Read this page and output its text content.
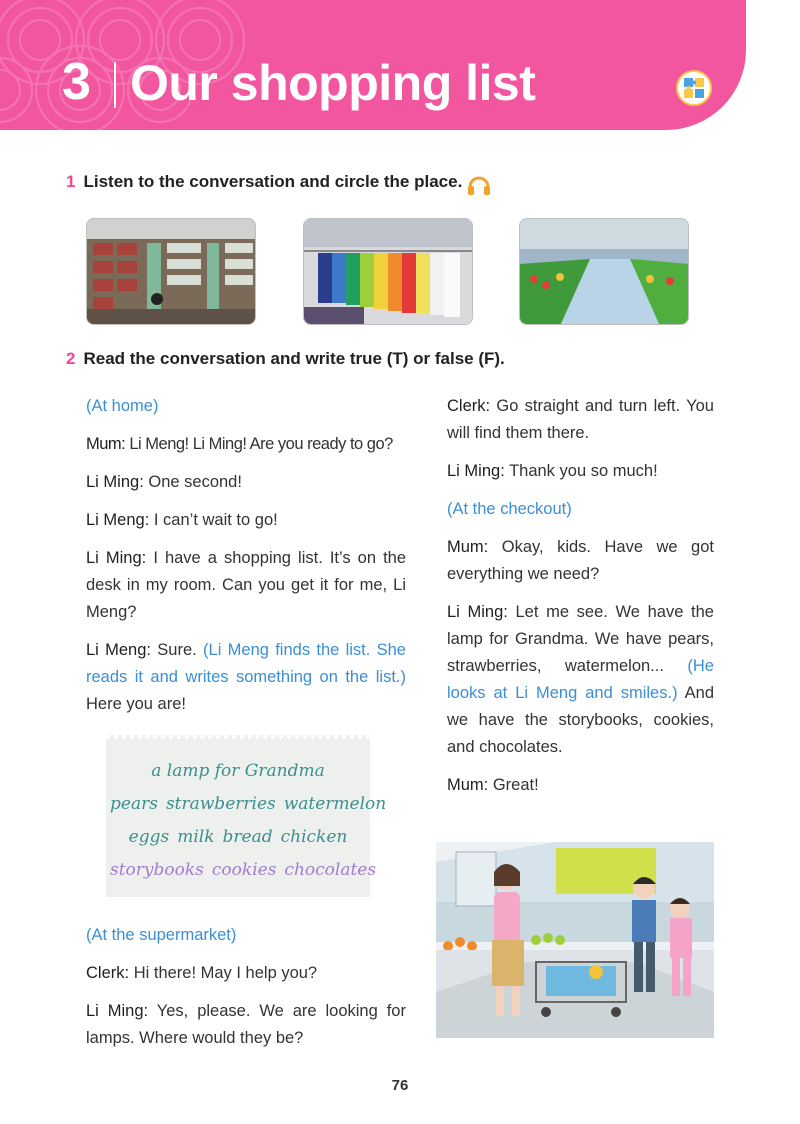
3 Our shopping list
1 Listen to the conversation and circle the place.
2 Read the conversation and write true (T) or false (F).

(At home)

Mum: Li Meng! Li Ming! Are you ready to go?

Li Ming: One second!

Li Meng: I can’t wait to go!

Li Ming: I have a shopping list. It’s on the desk in my room. Can you get it for me, Li Meng?

Li Meng: Sure. (Li Meng finds the list. She reads it and writes something on the list.) Here you are!

a lamp for Grandma
pears strawberries watermelon
eggs milk bread chicken
storybooks cookies chocolates

(At the supermarket)

Clerk: Hi there! May I help you?

Li Ming: Yes, please. We are looking for lamps. Where would they be?

Clerk: Go straight and turn left. You will find them there.

Li Ming: Thank you so much!

(At the checkout)

Mum: Okay, kids. Have we got everything we need?

Li Ming: Let me see. We have the lamp for Grandma. We have pears, strawberries, watermelon... (He looks at Li Meng and smiles.) And we have the storybooks, cookies, and chocolates.

Mum: Great!

76
